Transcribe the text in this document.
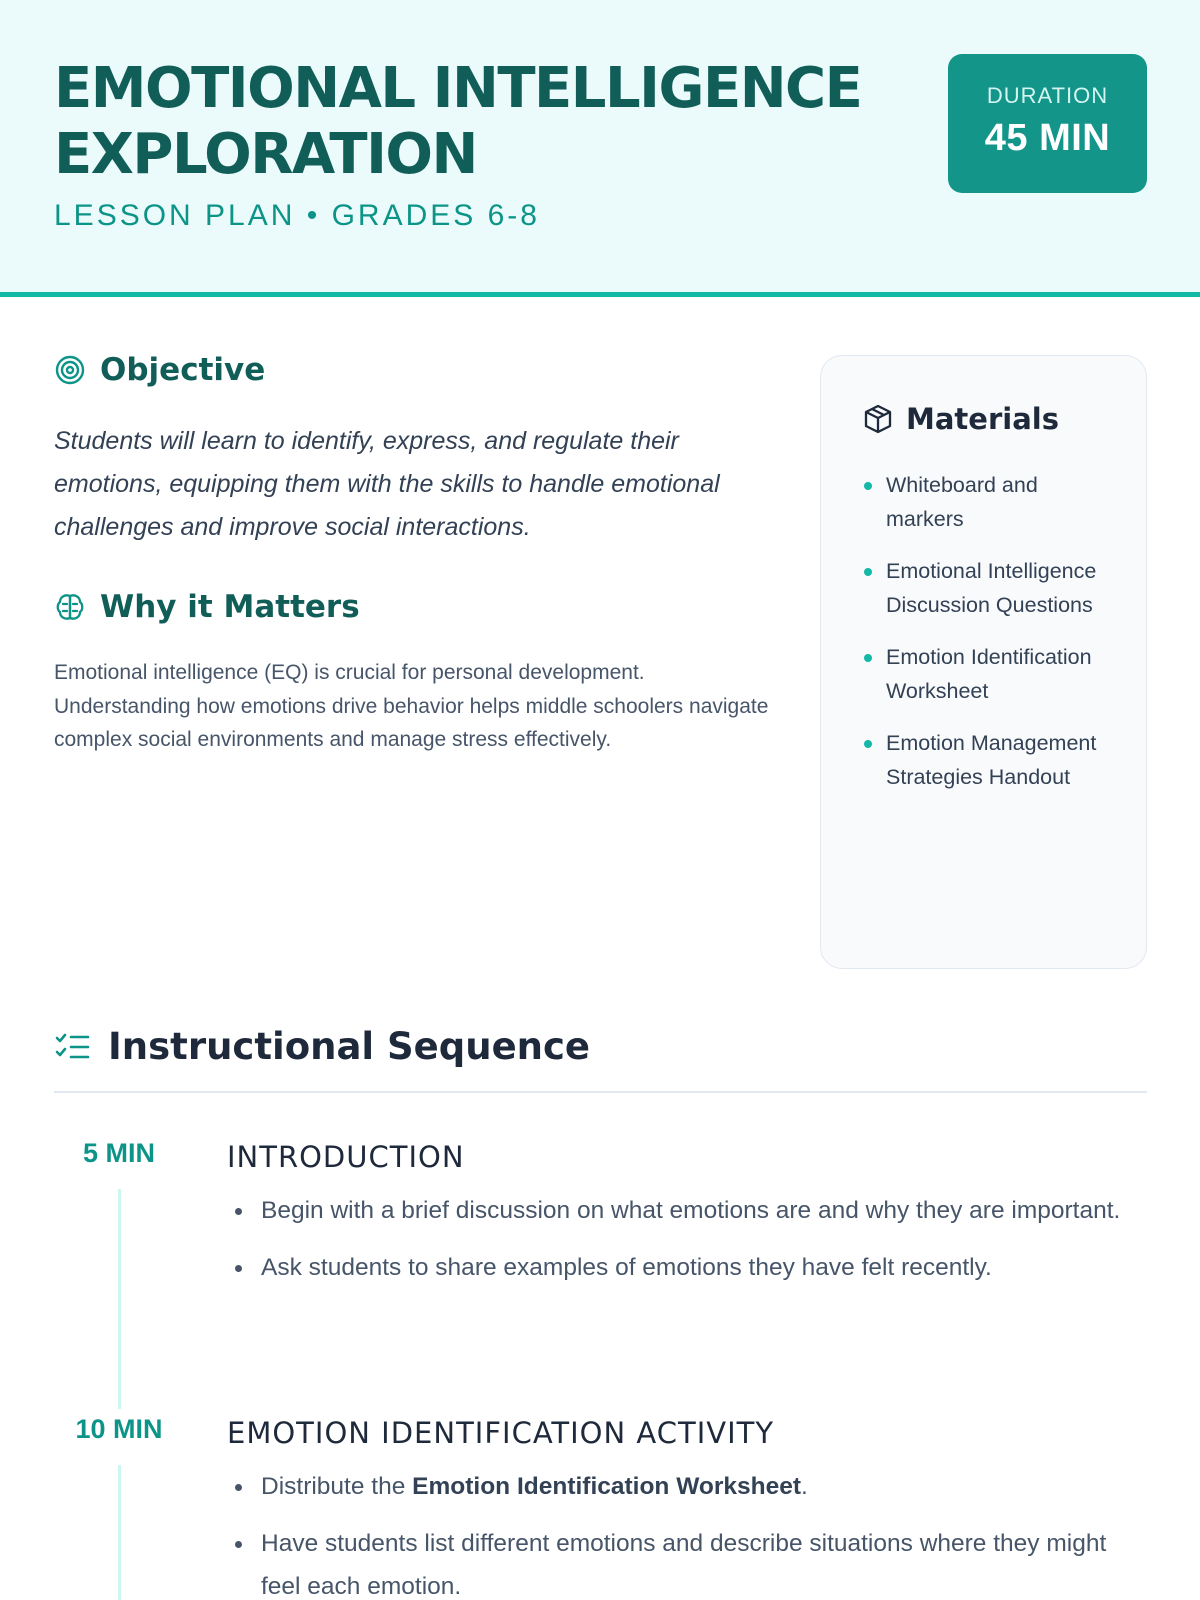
EMOTIONAL INTELLIGENCE EXPLORATION
LESSON PLAN • GRADES 6-8
DURATION
45 MIN
Objective

Students will learn to identify, express, and regulate their emotions, equipping them with the skills to handle emotional challenges and improve social interactions.

Why it Matters

Emotional intelligence (EQ) is crucial for personal development. Understanding how emotions drive behavior helps middle schoolers navigate complex social environments and manage stress effectively.

Materials
Whiteboard and markers
Emotional Intelligence Discussion Questions
Emotion Identification Worksheet
Emotion Management Strategies Handout
Instructional Sequence
5 MIN	INTRODUCTION
Begin with a brief discussion on what emotions are and why they are important.
Ask students to share examples of emotions they have felt recently.
10 MIN	EMOTION IDENTIFICATION ACTIVITY
Distribute the Emotion Identification Worksheet.
Have students list different emotions and describe situations where they might feel each emotion.
